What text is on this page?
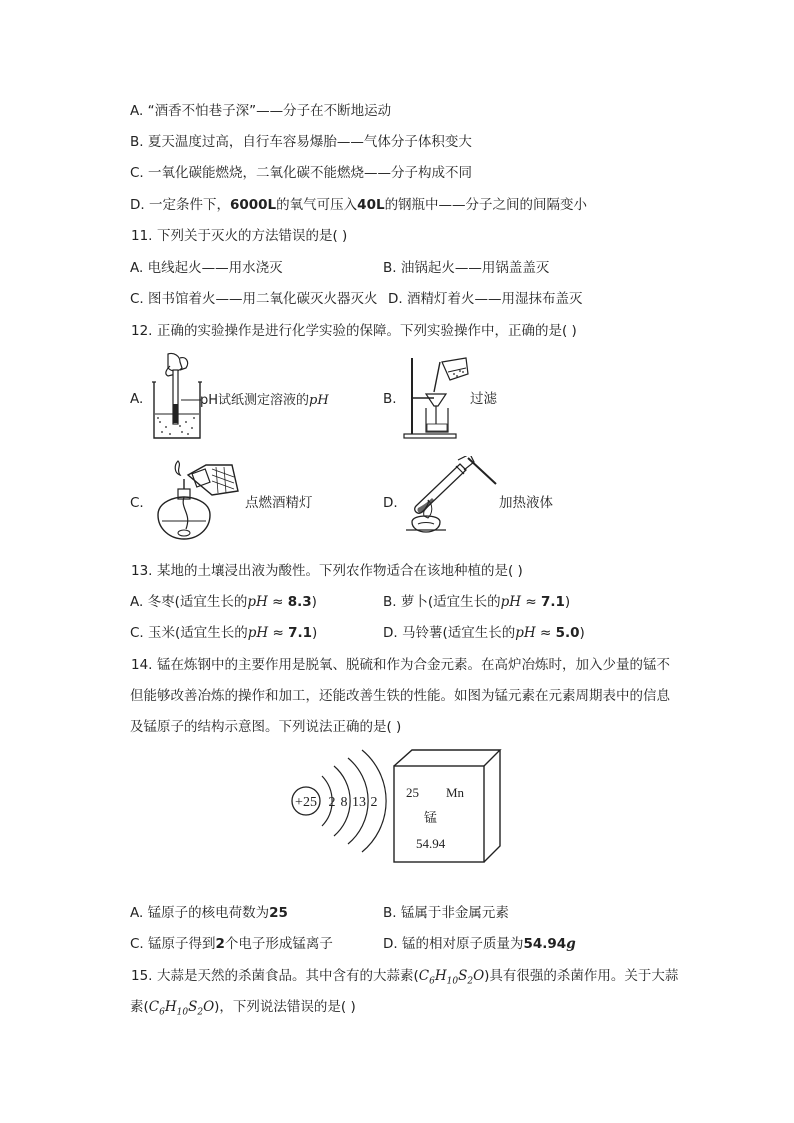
A. “酒香不怕巷子深”——分子在不断地运动
B. 夏天温度过高，自行车容易爆胎——气体分子体积变大
C. 一氧化碳能燃烧，二氧化碳不能燃烧——分子构成不同
D. 一定条件下，6000L的氧气可压入40L的钢瓶中——分子之间的间隔变小
11. 下列关于灭火的方法错误的是( )
A. 电线起火——用水浇灭	B. 油锅起火——用锅盖盖灭
C. 图书馆着火——用二氧化碳灭火器灭火 D. 酒精灯着火——用湿抹布盖灭
12. 正确的实验操作是进行化学实验的保障。下列实验操作中，正确的是( )
A.	pH试纸测定溶液的pH	B.	过滤
C.	点燃酒精灯	D.	加热液体
13. 某地的土壤浸出液为酸性。下列农作物适合在该地种植的是( )
A. 冬枣(适宜生长的pH ≈ 8.3)	B. 萝卜(适宜生长的pH ≈ 7.1)
C. 玉米(适宜生长的pH ≈ 7.1)	D. 马铃薯(适宜生长的pH ≈ 5.0)
14. 锰在炼钢中的主要作用是脱氧、脱硫和作为合金元素。在高炉冶炼时，加入少量的锰不
但能够改善冶炼的操作和加工，还能改善生铁的性能。如图为锰元素在元素周期表中的信息
及锰原子的结构示意图。下列说法正确的是( )
+25 2 8 13 2
25 Mn
锰
54.94
A. 锰原子的核电荷数为25	B. 锰属于非金属元素
C. 锰原子得到2个电子形成锰离子	D. 锰的相对原子质量为54.94g
15. 大蒜是天然的杀菌食品。其中含有的大蒜素$(C_6H_{10}S_2O)$具有很强的杀菌作用。关于大蒜
素$(C_6H_{10}S_2O)$，下列说法错误的是( )
